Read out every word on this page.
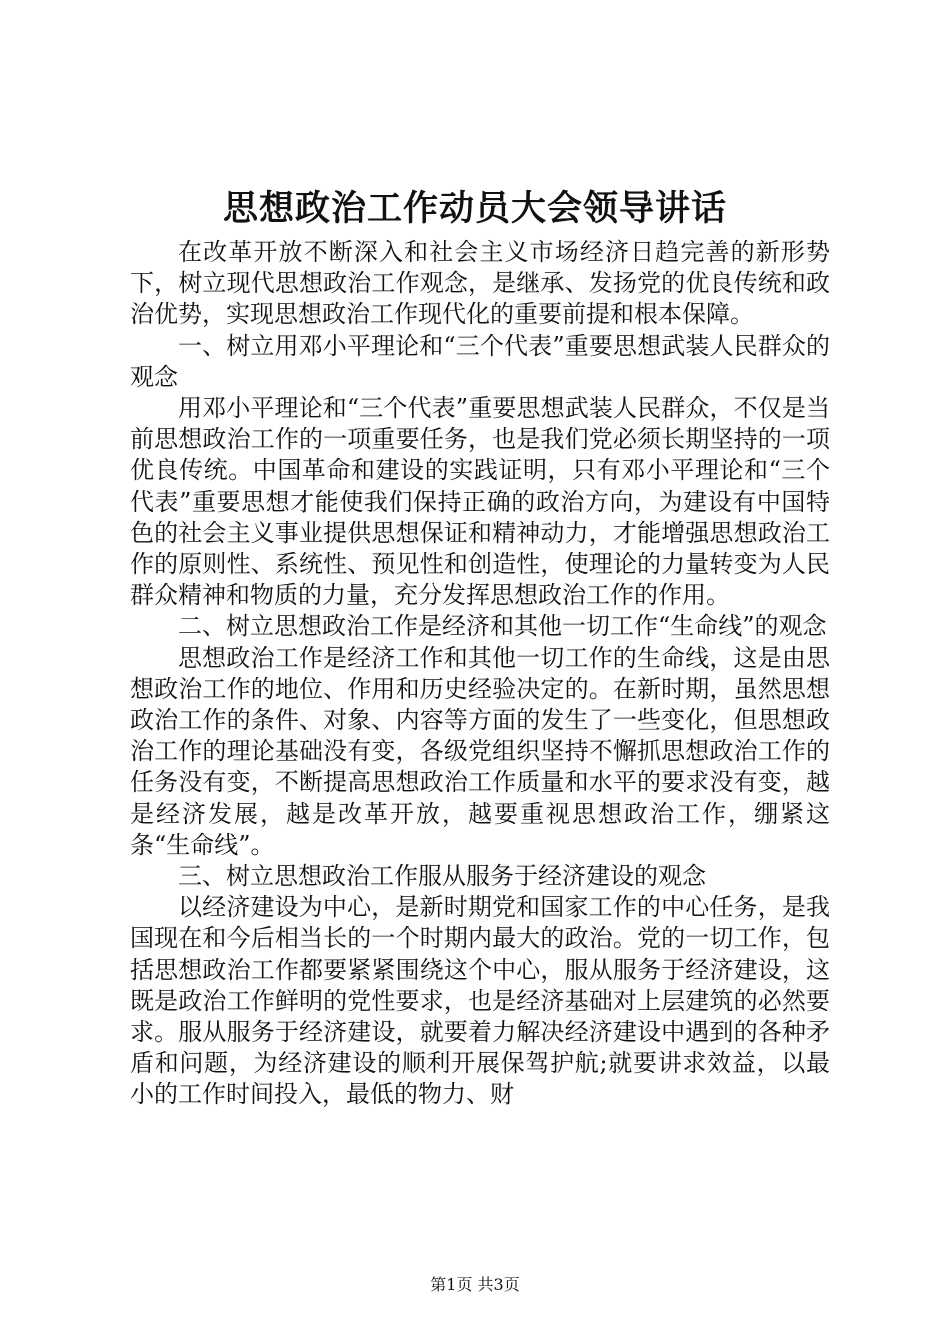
思想政治工作动员大会领导讲话

在改革开放不断深入和社会主义市场经济日趋完善的新形势下，树立现代思想政治工作观念，是继承、发扬党的优良传统和政治优势，实现思想政治工作现代化的重要前提和根本保障。

一、树立用邓小平理论和“三个代表”重要思想武装人民群众的观念

用邓小平理论和“三个代表”重要思想武装人民群众，不仅是当前思想政治工作的一项重要任务，也是我们党必须长期坚持的一项优良传统。中国革命和建设的实践证明，只有邓小平理论和“三个代表”重要思想才能使我们保持正确的政治方向，为建设有中国特色的社会主义事业提供思想保证和精神动力，才能增强思想政治工作的原则性、系统性、预见性和创造性，使理论的力量转变为人民群众精神和物质的力量，充分发挥思想政治工作的作用。

二、树立思想政治工作是经济和其他一切工作“生命线”的观念

思想政治工作是经济工作和其他一切工作的生命线，这是由思想政治工作的地位、作用和历史经验决定的。在新时期，虽然思想政治工作的条件、对象、内容等方面的发生了一些变化，但思想政治工作的理论基础没有变，各级党组织坚持不懈抓思想政治工作的任务没有变，不断提高思想政治工作质量和水平的要求没有变，越是经济发展，越是改革开放，越要重视思想政治工作，绷紧这条“生命线”。

三、树立思想政治工作服从服务于经济建设的观念

以经济建设为中心，是新时期党和国家工作的中心任务，是我国现在和今后相当长的一个时期内最大的政治。党的一切工作，包括思想政治工作都要紧紧围绕这个中心，服从服务于经济建设，这既是政治工作鲜明的党性要求，也是经济基础对上层建筑的必然要求。服从服务于经济建设，就要着力解决经济建设中遇到的各种矛盾和问题，为经济建设的顺利开展保驾护航;就要讲求效益，以最小的工作时间投入，最低的物力、财

第1页 共3页
